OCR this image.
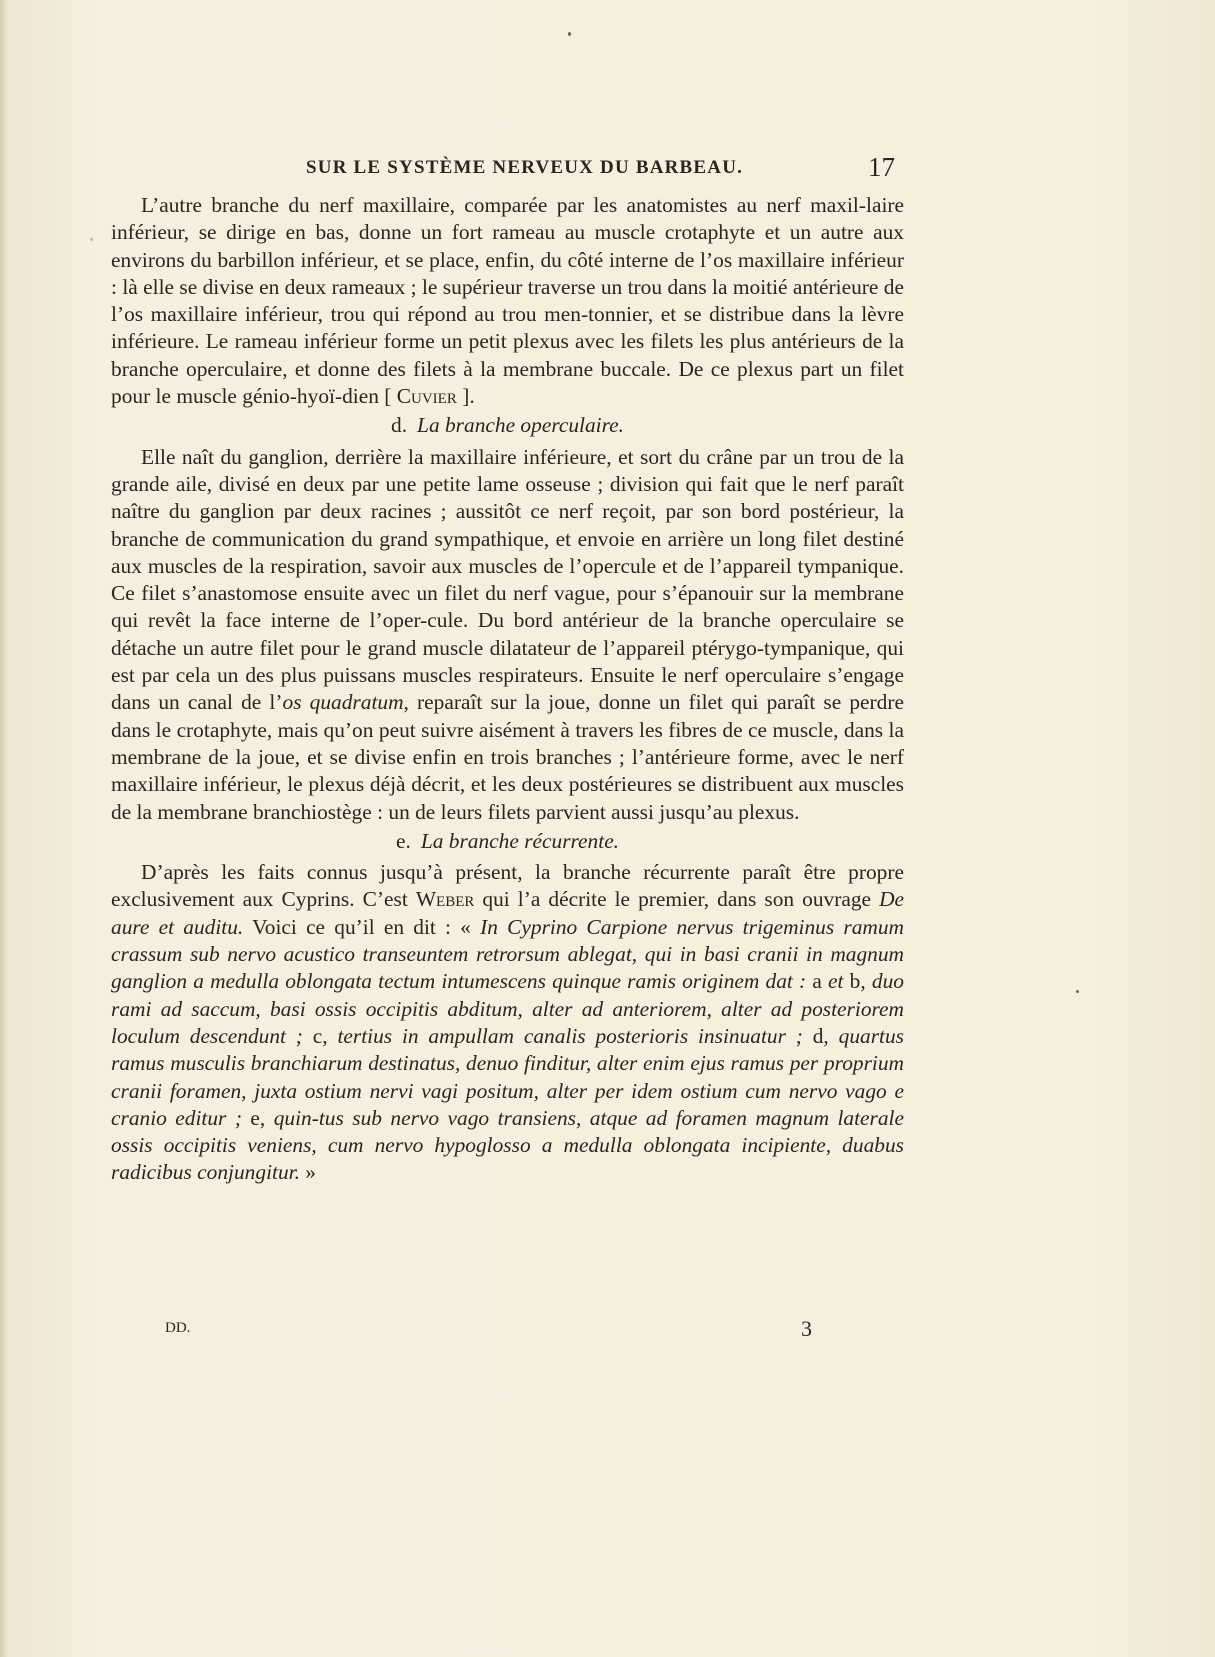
SUR LE SYSTÈME NERVEUX DU BARBEAU.	17

L’autre branche du nerf maxillaire, comparée par les anatomistes au nerf maxil-laire inférieur, se dirige en bas, donne un fort rameau au muscle crotaphyte et un autre aux environs du barbillon inférieur, et se place, enfin, du côté interne de l’os maxillaire inférieur : là elle se divise en deux rameaux ; le supérieur traverse un trou dans la moitié antérieure de l’os maxillaire inférieur, trou qui répond au trou men-tonnier, et se distribue dans la lèvre inférieure. Le rameau inférieur forme un petit plexus avec les filets les plus antérieurs de la branche operculaire, et donne des filets à la membrane buccale. De ce plexus part un filet pour le muscle génio-hyoï-dien [ Cuvier ].

d. La branche operculaire.

Elle naît du ganglion, derrière la maxillaire inférieure, et sort du crâne par un trou de la grande aile, divisé en deux par une petite lame osseuse ; division qui fait que le nerf paraît naître du ganglion par deux racines ; aussitôt ce nerf reçoit, par son bord postérieur, la branche de communication du grand sympathique, et envoie en arrière un long filet destiné aux muscles de la respiration, savoir aux muscles de l’opercule et de l’appareil tympanique. Ce filet s’anastomose ensuite avec un filet du nerf vague, pour s’épanouir sur la membrane qui revêt la face interne de l’oper-cule. Du bord antérieur de la branche operculaire se détache un autre filet pour le grand muscle dilatateur de l’appareil ptérygo-tympanique, qui est par cela un des plus puissans muscles respirateurs. Ensuite le nerf operculaire s’engage dans un canal de l’os quadratum, reparaît sur la joue, donne un filet qui paraît se perdre dans le crotaphyte, mais qu’on peut suivre aisément à travers les fibres de ce muscle, dans la membrane de la joue, et se divise enfin en trois branches ; l’antérieure forme, avec le nerf maxillaire inférieur, le plexus déjà décrit, et les deux postérieures se distribuent aux muscles de la membrane branchiostège : un de leurs filets parvient aussi jusqu’au plexus.

e. La branche récurrente.

D’après les faits connus jusqu’à présent, la branche récurrente paraît être propre exclusivement aux Cyprins. C’est Weber qui l’a décrite le premier, dans son ouvrage De aure et auditu. Voici ce qu’il en dit : « In Cyprino Carpione nervus trigeminus ramum crassum sub nervo acustico transeuntem retrorsum ablegat, qui in basi cranii in magnum ganglion a medulla oblongata tectum intumescens quinque ramis originem dat : a et b, duo rami ad saccum, basi ossis occipitis abditum, alter ad anteriorem, alter ad posteriorem loculum descendunt ; c, tertius in ampullam canalis posterioris insinuatur ; d, quartus ramus musculis branchiarum destinatus, denuo finditur, alter enim ejus ramus per proprium cranii foramen, juxta ostium nervi vagi positum, alter per idem ostium cum nervo vago e cranio editur ; e, quin-tus sub nervo vago transiens, atque ad foramen magnum laterale ossis occipitis veniens, cum nervo hypoglosso a medulla oblongata incipiente, duabus radicibus conjungitur. »

DD.	3
